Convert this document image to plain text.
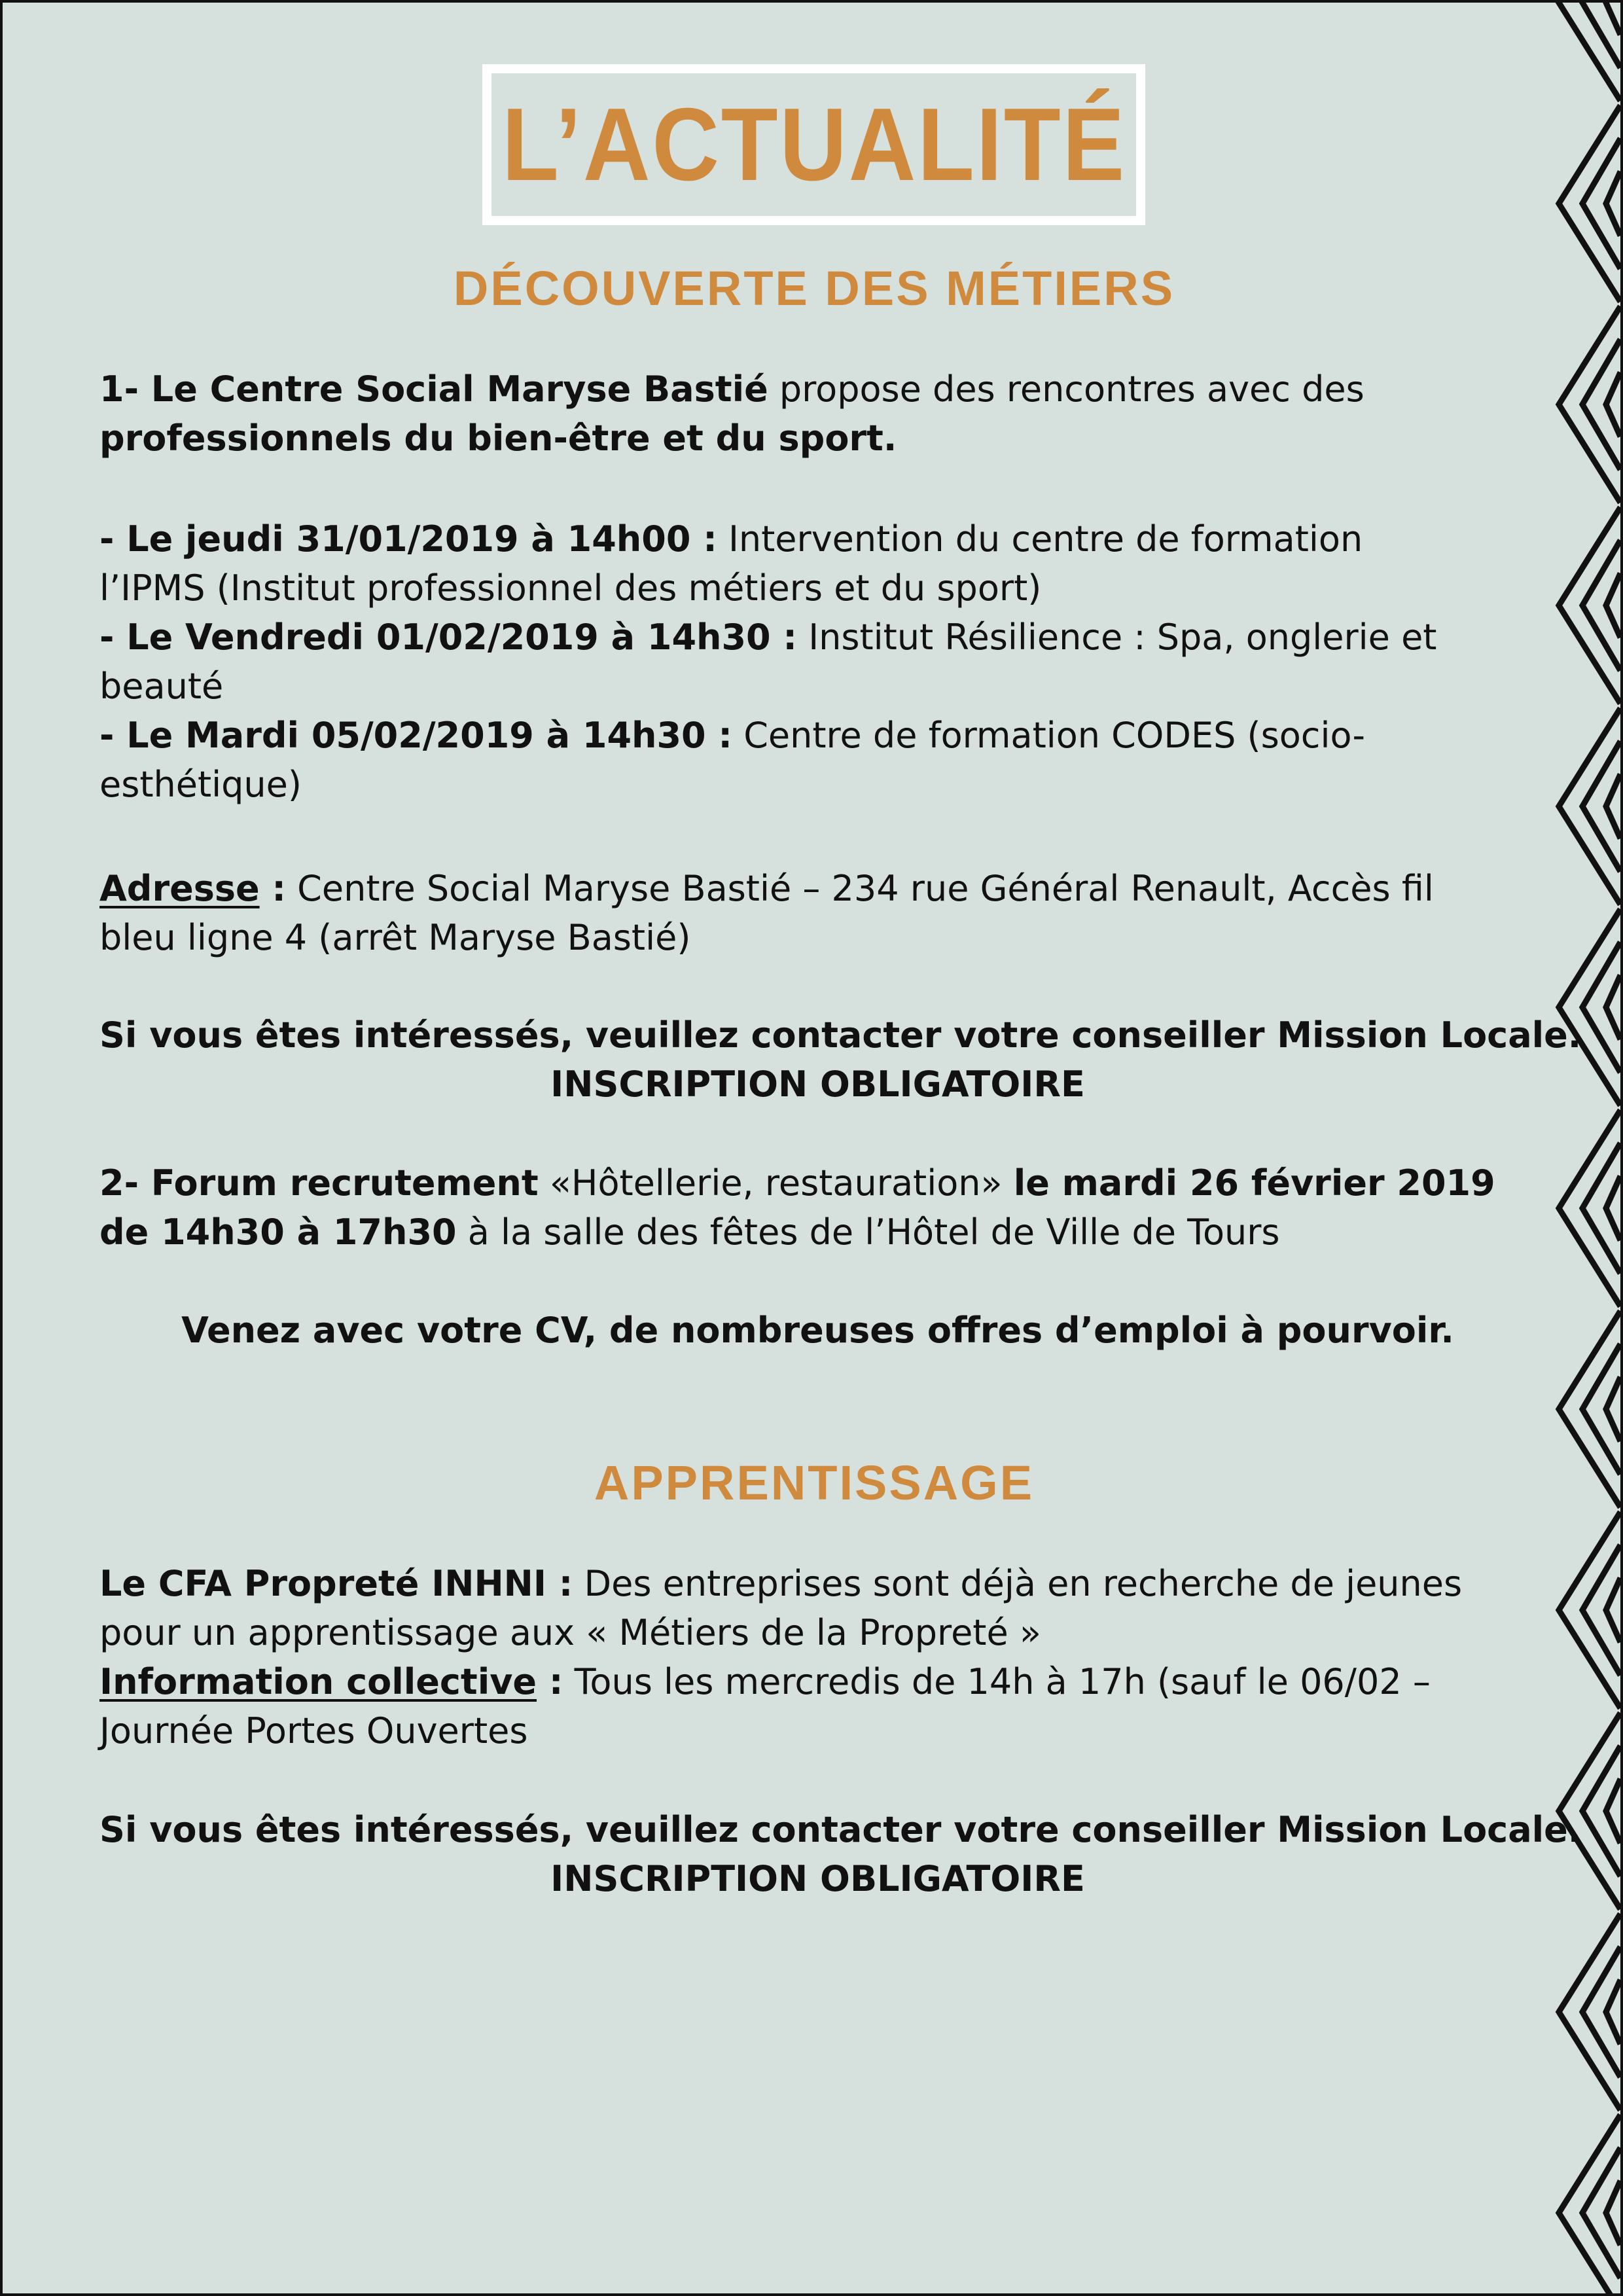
L’ACTUALITÉ
DÉCOUVERTE DES MÉTIERS
1- Le Centre Social Maryse Bastié propose des rencontres avec des
professionnels du bien-être et du sport.
- Le jeudi 31/01/2019 à 14h00 : Intervention du centre de formation
l’IPMS (Institut professionnel des métiers et du sport)
- Le Vendredi 01/02/2019 à 14h30 : Institut Résilience : Spa, onglerie et
beauté
- Le Mardi 05/02/2019 à 14h30 : Centre de formation CODES (socio-
esthétique)
Adresse : Centre Social Maryse Bastié – 234 rue Général Renault, Accès fil
bleu ligne 4 (arrêt Maryse Bastié)
Si vous êtes intéressés, veuillez contacter votre conseiller Mission Locale.
INSCRIPTION OBLIGATOIRE
2- Forum recrutement «Hôtellerie, restauration» le mardi 26 février 2019
de 14h30 à 17h30 à la salle des fêtes de l’Hôtel de Ville de Tours
Venez avec votre CV, de nombreuses offres d’emploi à pourvoir.
APPRENTISSAGE
Le CFA Propreté INHNI : Des entreprises sont déjà en recherche de jeunes
pour un apprentissage aux « Métiers de la Propreté »
Information collective : Tous les mercredis de 14h à 17h (sauf le 06/02 –
Journée Portes Ouvertes
Si vous êtes intéressés, veuillez contacter votre conseiller Mission Locale.
INSCRIPTION OBLIGATOIRE
